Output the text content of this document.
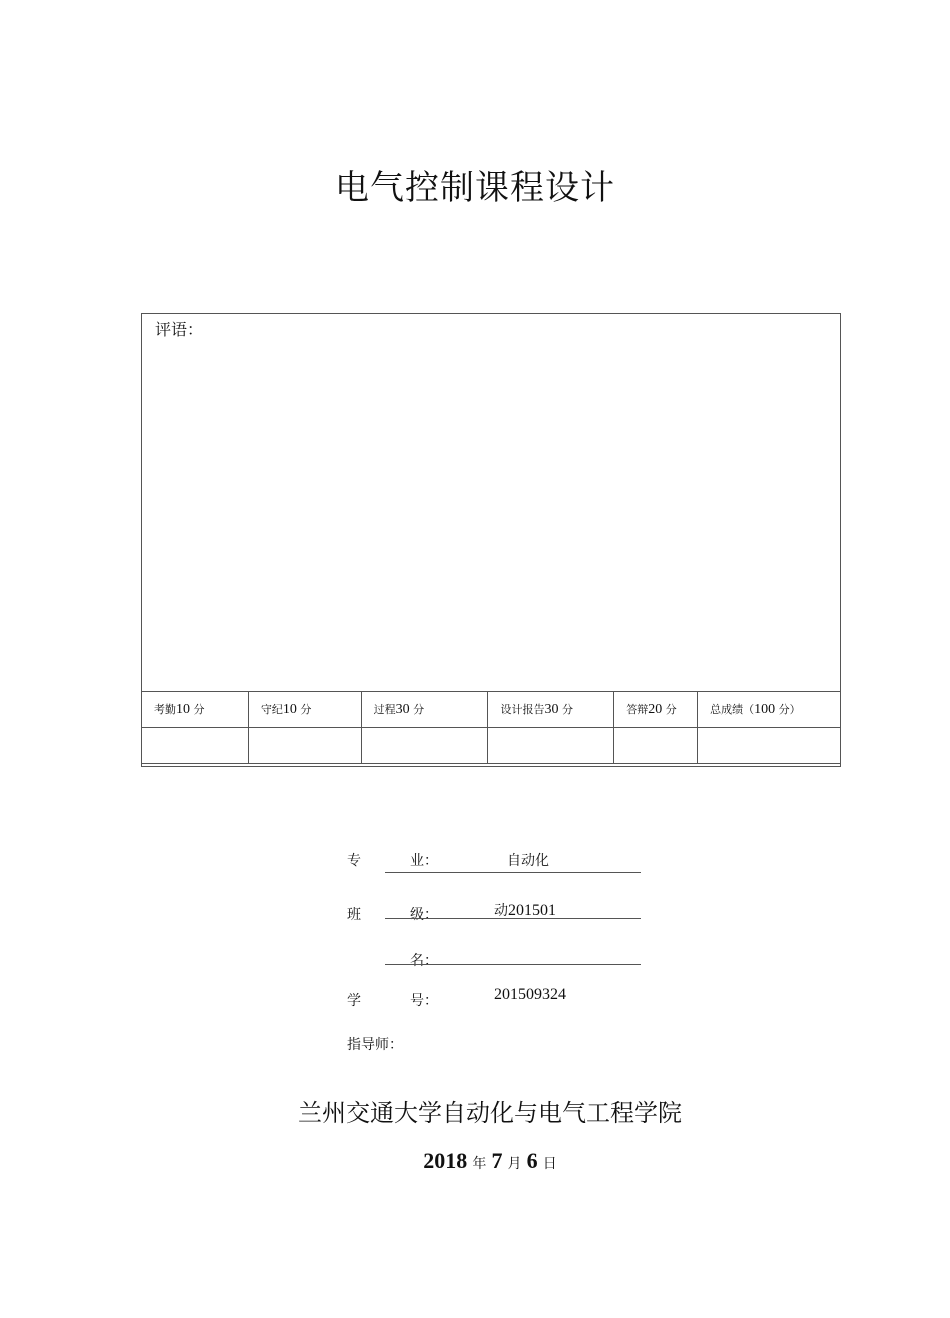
电气控制课程设计
评语：
考勤10 分	守纪10 分	过程30 分	设计报告30 分	答辩20 分	总成绩（100 分）

专	业：	自动化
班	级：	动201501
名：
学	号：	201509324
指导师：
兰州交通大学自动化与电气工程学院
2018 年 7 月 6 日
